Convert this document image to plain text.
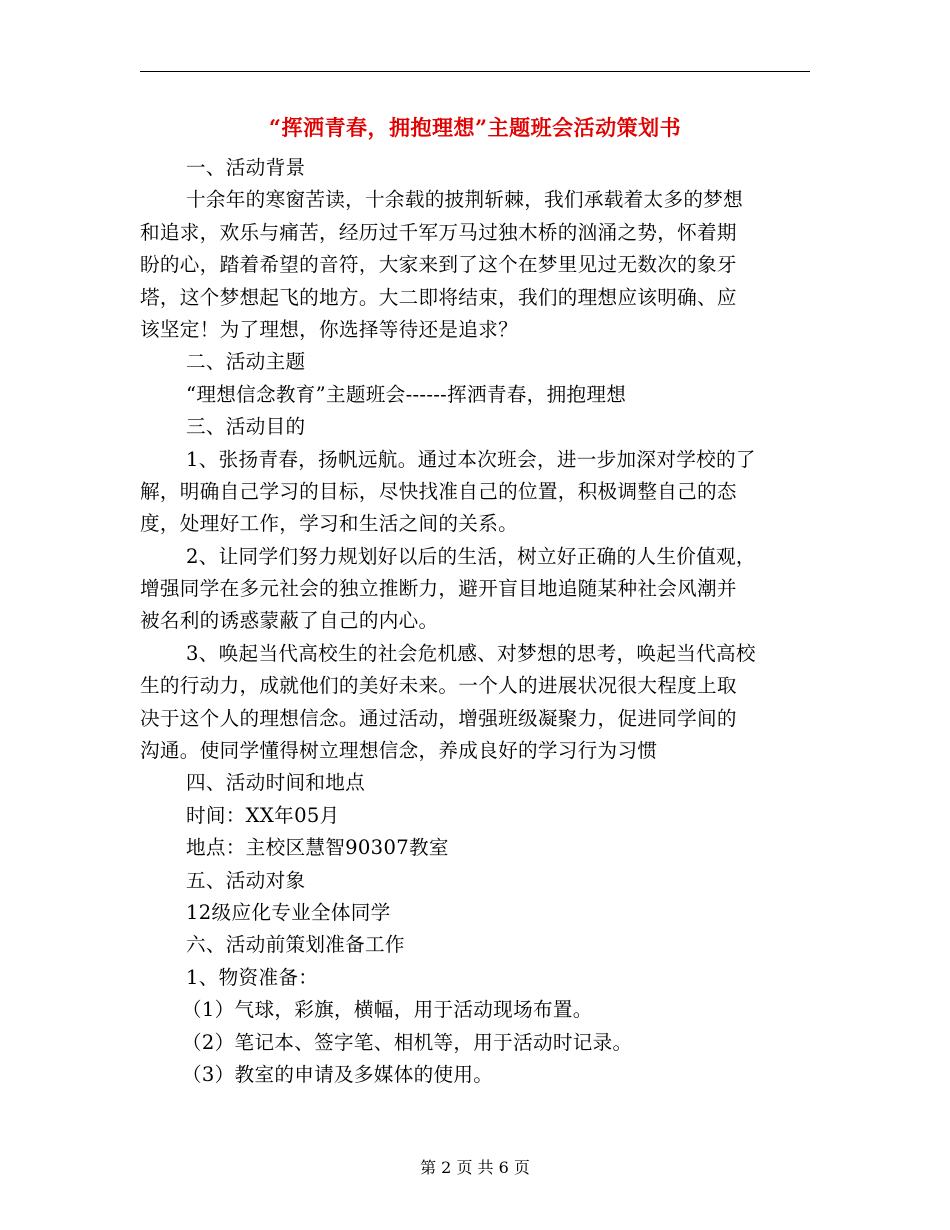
“挥洒青春，拥抱理想”主题班会活动策划书
一、活动背景
十余年的寒窗苦读，十余载的披荆斩棘，我们承载着太多的梦想
和追求，欢乐与痛苦，经历过千军万马过独木桥的汹涌之势，怀着期
盼的心，踏着希望的音符，大家来到了这个在梦里见过无数次的象牙
塔，这个梦想起飞的地方。大二即将结束，我们的理想应该明确、应
该坚定！为了理想，你选择等待还是追求？
二、活动主题
“理想信念教育”主题班会------挥洒青春，拥抱理想
三、活动目的
1、张扬青春，扬帆远航。通过本次班会，进一步加深对学校的了
解，明确自己学习的目标，尽快找准自己的位置，积极调整自己的态
度，处理好工作，学习和生活之间的关系。
2、让同学们努力规划好以后的生活，树立好正确的人生价值观，
增强同学在多元社会的独立推断力，避开盲目地追随某种社会风潮并
被名利的诱惑蒙蔽了自己的内心。
3、唤起当代高校生的社会危机感、对梦想的思考，唤起当代高校
生的行动力，成就他们的美好未来。一个人的进展状况很大程度上取
决于这个人的理想信念。通过活动，增强班级凝聚力，促进同学间的
沟通。使同学懂得树立理想信念，养成良好的学习行为习惯
四、活动时间和地点
时间：XX年05月
地点：主校区慧智90307教室
五、活动对象
12级应化专业全体同学
六、活动前策划准备工作
1、物资准备：
（1）气球，彩旗，横幅，用于活动现场布置。
（2）笔记本、签字笔、相机等，用于活动时记录。
（3）教室的申请及多媒体的使用。
第 2 页 共 6 页
